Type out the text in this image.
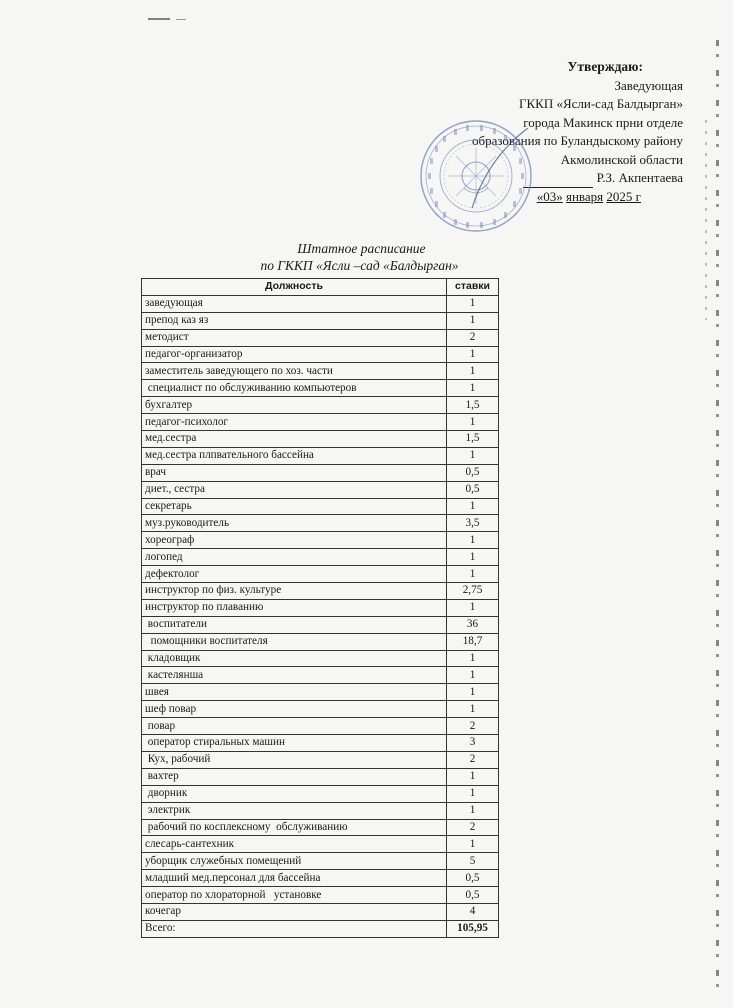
Утверждаю:
Заведующая
ГККП «Ясли-сад Балдырган»
города Макинск прни отделе
образования по Буландыскому району
Акмолинской области
Р.З. Акпентаева
«03» января 2025 г
Штатное расписание
по ГККП «Ясли –сад «Балдырган»
Должность	ставки
заведующая	1
препод каз яз	1
методист	2
педагог-организатор	1
заместитель заведующего по хоз. части	1
специалист по обслуживанию компьютеров	1
бухгалтер	1,5
педагог-психолог	1
мед.сестра	1,5
мед.сестра плпвательного бассейна	1
врач	0,5
диет., сестра	0,5
секретарь	1
муз.руководитель	3,5
хореограф	1
логопед	1
дефектолог	1
инструктор по физ. культуре	2,75
инструктор по плаванию	1
воспитатели	36
помощники воспитателя	18,7
кладовщик	1
кастелянша	1
швея	1
шеф повар	1
повар	2
оператор стиральных машин	3
Кух, рабочий	2
вахтер	1
дворник	1
электрик	1
рабочий по косплексному  обслуживанию	2
слесарь-сантехник	1
уборщик служебных помещений	5
младший мед.персонал для бассейна	0,5
оператор по хлораторной   установке	0,5
кочегар	4
Всего:	105,95
